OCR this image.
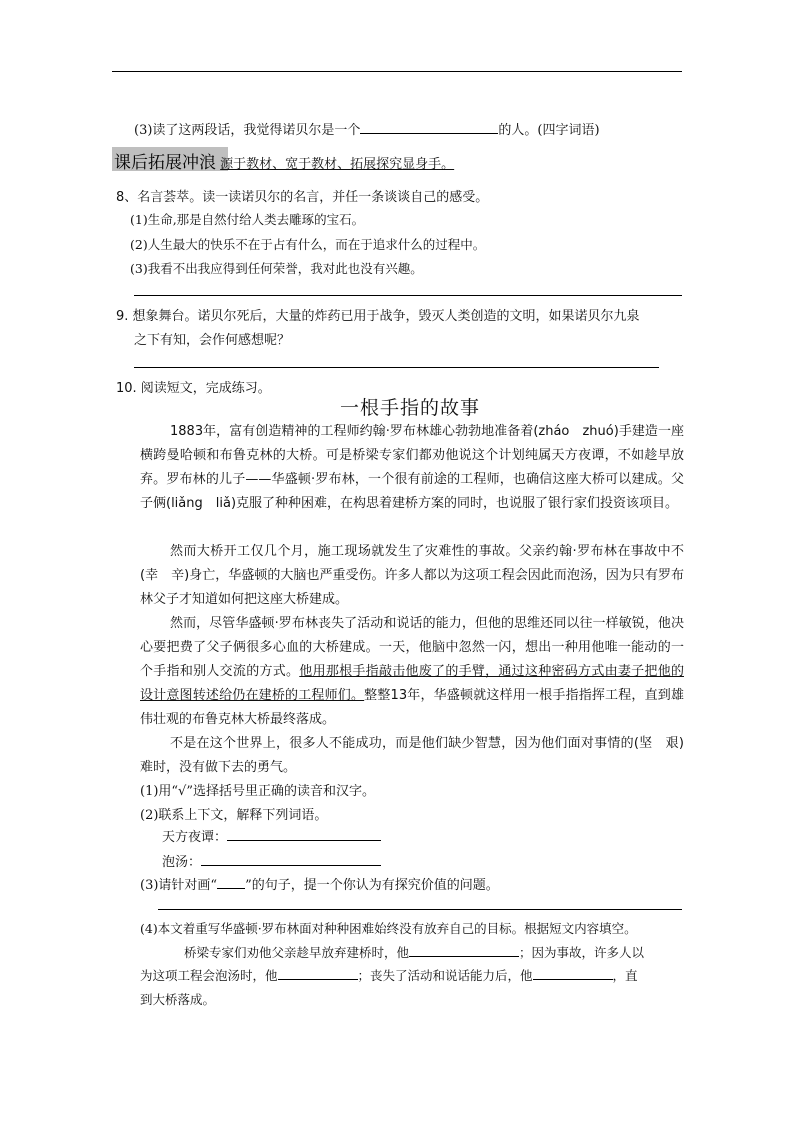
(3)读了这两段话，我觉得诺贝尔是一个	的人。(四字词语)
课后拓展冲浪 源于教材、宽于教材、拓展探究显身手。
8、名言荟萃。读一读诺贝尔的名言，并任一条谈谈自己的感受。
(1)生命,那是自然付给人类去雕琢的宝石。
(2)人生最大的快乐不在于占有什么，而在于追求什么的过程中。
(3)我看不出我应得到任何荣誉，我对此也没有兴趣。
9. 想象舞台。诺贝尔死后，大量的炸药已用于战争，毁灭人类创造的文明，如果诺贝尔九泉
之下有知，会作何感想呢？
10. 阅读短文，完成练习。
一根手指的故事
1883年，富有创造精神的工程师约翰·罗布林雄心勃勃地准备着(zháo　zhuó)手建造一座横跨曼哈顿和布鲁克林的大桥。可是桥梁专家们都劝他说这个计划纯属天方夜谭，不如趁早放弃。罗布林的儿子——华盛顿·罗布林，一个很有前途的工程师，也确信这座大桥可以建成。父子俩(liǎng　liǎ)克服了种种困难，在构思着建桥方案的同时，也说服了银行家们投资该项目。
然而大桥开工仅几个月，施工现场就发生了灾难性的事故。父亲约翰·罗布林在事故中不(幸　辛)身亡，华盛顿的大脑也严重受伤。许多人都以为这项工程会因此而泡汤，因为只有罗布林父子才知道如何把这座大桥建成。
然而，尽管华盛顿·罗布林丧失了活动和说话的能力，但他的思维还同以往一样敏锐，他决心要把费了父子俩很多心血的大桥建成。一天，他脑中忽然一闪，想出一种用他唯一能动的一个手指和别人交流的方式。他用那根手指敲击他废了的手臂，通过这种密码方式由妻子把他的设计意图转述给仍在建桥的工程师们。整整13年，华盛顿就这样用一根手指指挥工程，直到雄伟壮观的布鲁克林大桥最终落成。
不是在这个世界上，很多人不能成功，而是他们缺少智慧，因为他们面对事情的(坚　艰)难时，没有做下去的勇气。
(1)用“√”选择括号里正确的读音和汉字。
(2)联系上下文，解释下列词语。
天方夜谭：
泡汤：
(3)请针对画“ ”的句子，提一个你认为有探究价值的问题。
(4)本文着重写华盛顿·罗布林面对种种困难始终没有放弃自己的目标。根据短文内容填空。
桥梁专家们劝他父亲趁早放弃建桥时，他	；因为事故，许多人以
为这项工程会泡汤时，他	；丧失了活动和说话能力后，他	，直
到大桥落成。
